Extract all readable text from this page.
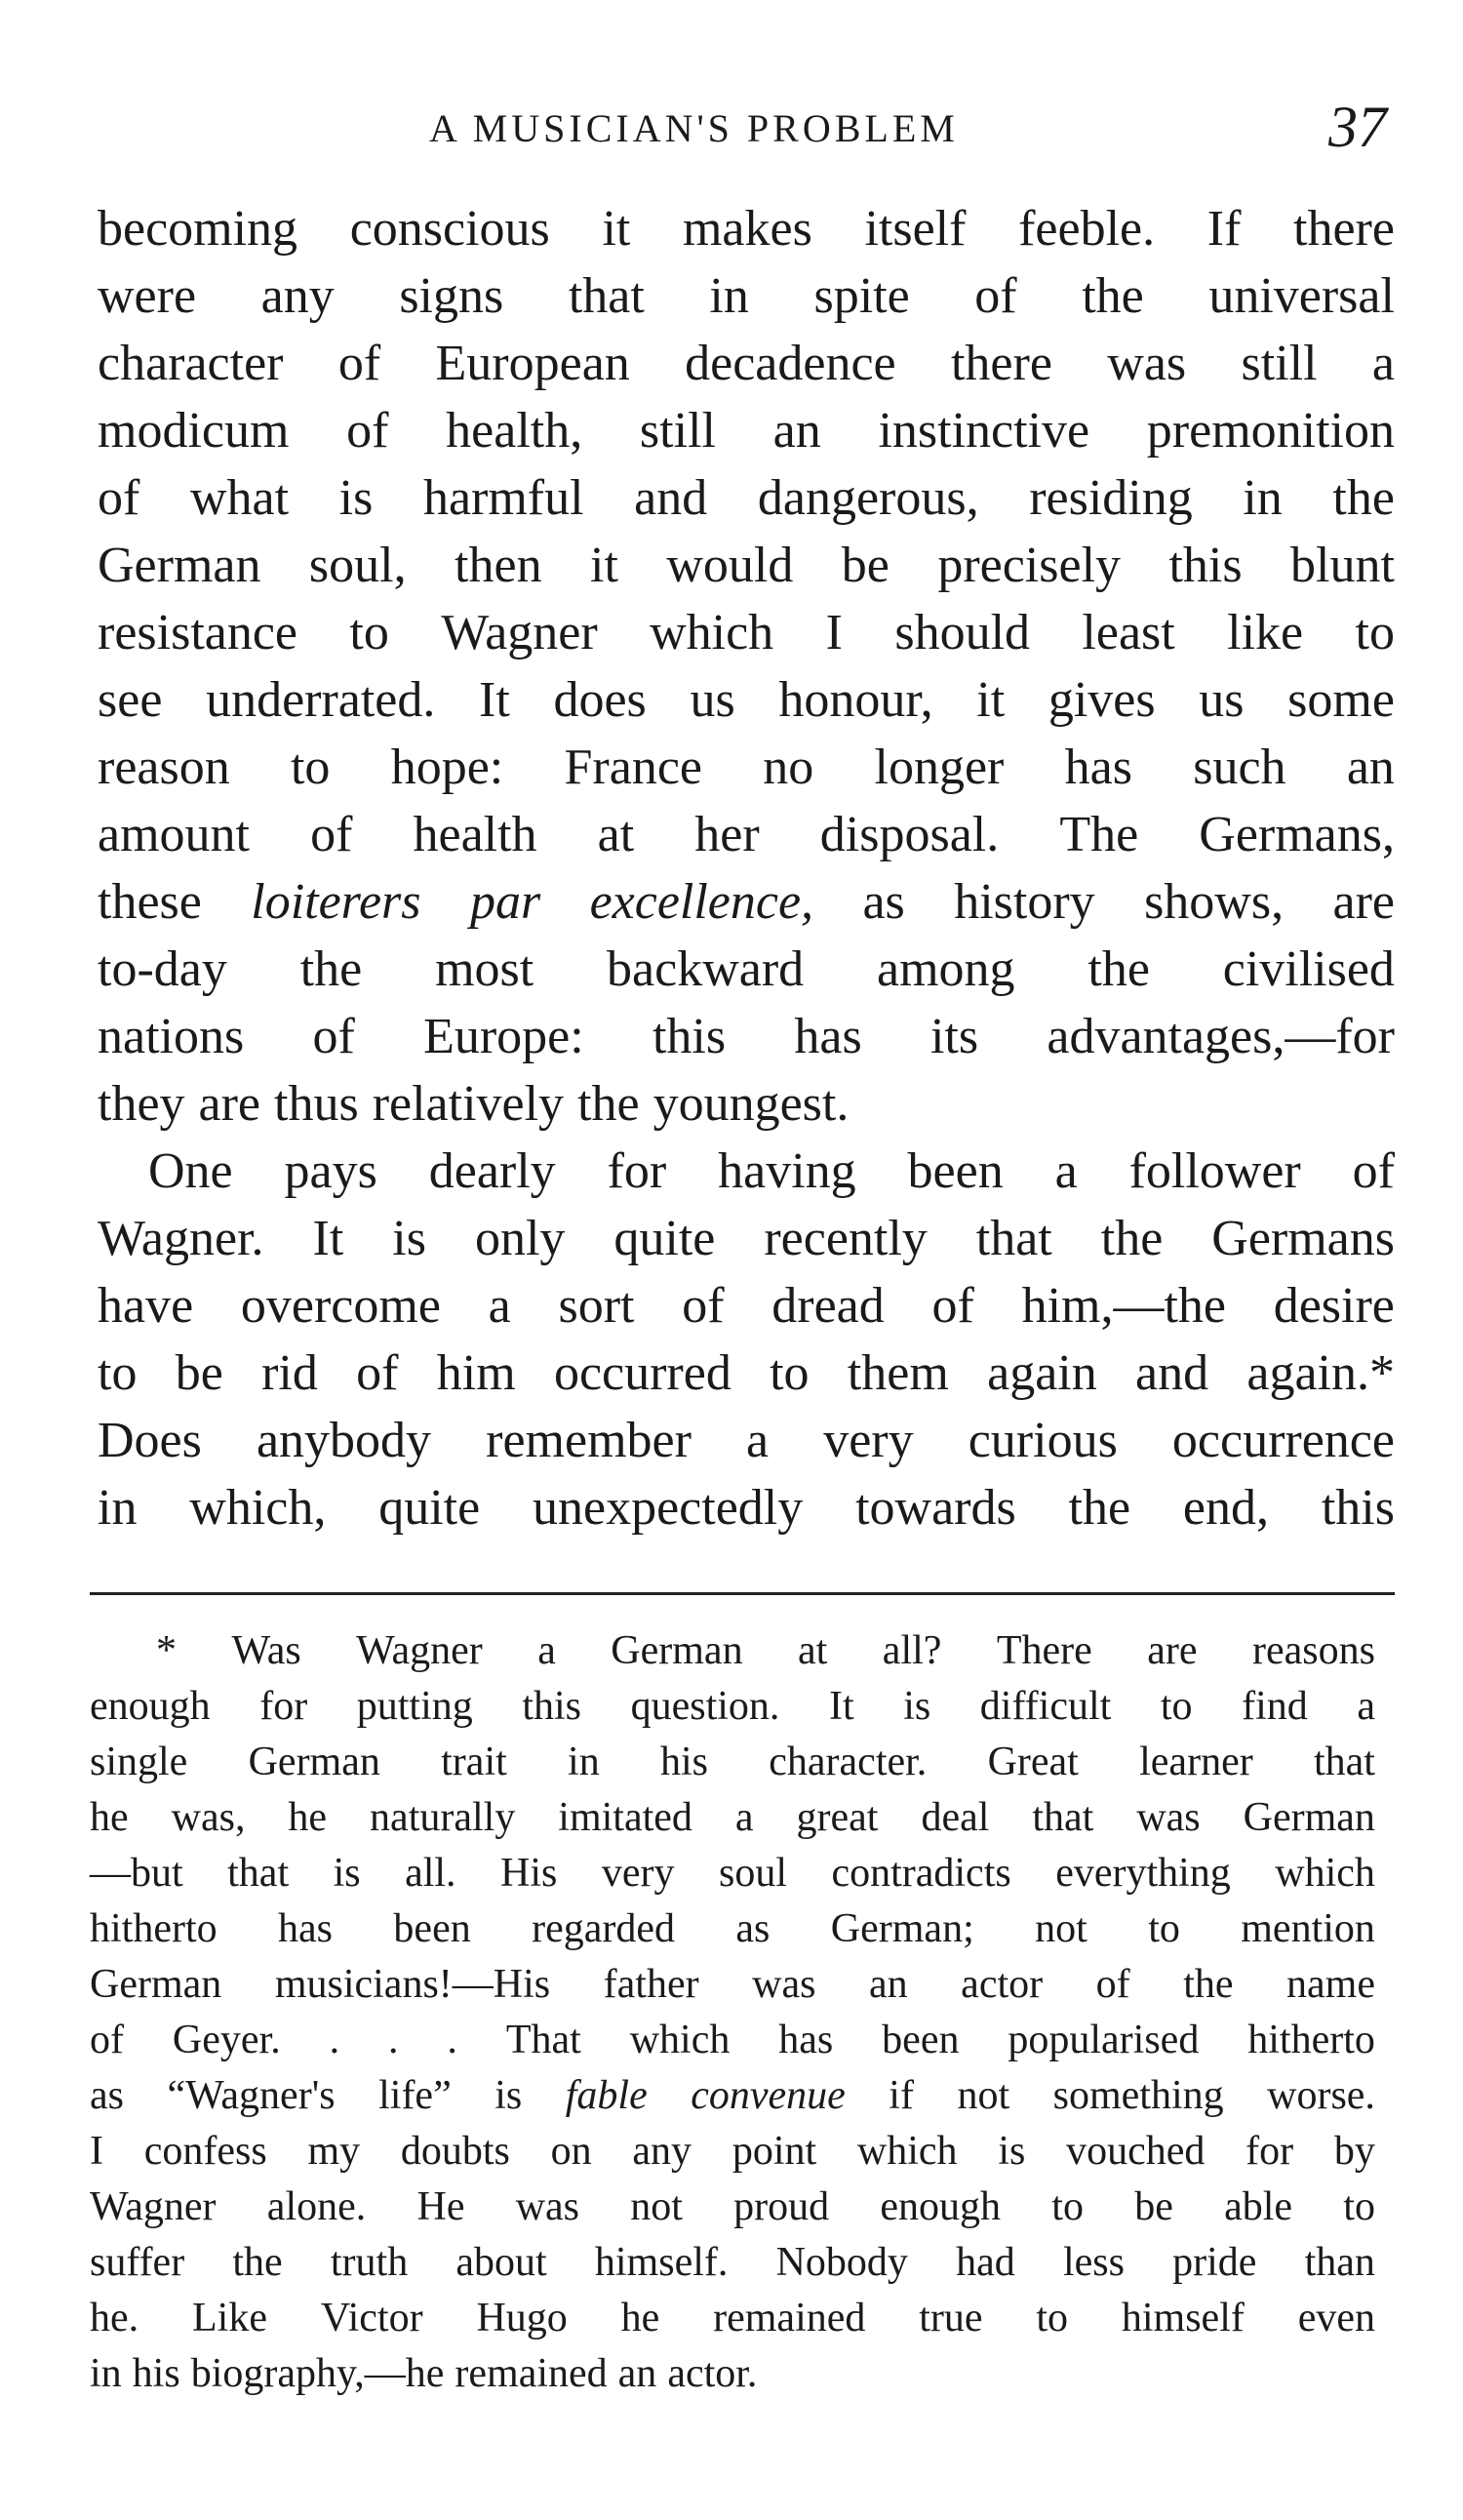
A MUSICIAN'S PROBLEM	37
becoming conscious it makes itself feeble. If there
were any signs that in spite of the universal
character of European decadence there was still a
modicum of health, still an instinctive premonition
of what is harmful and dangerous, residing in the
German soul, then it would be precisely this blunt
resistance to Wagner which I should least like to
see underrated. It does us honour, it gives us some
reason to hope: France no longer has such an
amount of health at her disposal. The Germans,
these loiterers par excellence, as history shows, are
to-day the most backward among the civilised
nations of Europe: this has its advantages,—for
they are thus relatively the youngest.
One pays dearly for having been a follower of
Wagner. It is only quite recently that the Germans
have overcome a sort of dread of him,—the desire
to be rid of him occurred to them again and again.*
Does anybody remember a very curious occurrence
in which, quite unexpectedly towards the end, this
* Was Wagner a German at all? There are reasons
enough for putting this question. It is difficult to find a
single German trait in his character. Great learner that
he was, he naturally imitated a great deal that was German
—but that is all. His very soul contradicts everything which
hitherto has been regarded as German; not to mention
German musicians!—His father was an actor of the name
of Geyer. . . . That which has been popularised hitherto
as “Wagner's life” is fable convenue if not something worse.
I confess my doubts on any point which is vouched for by
Wagner alone. He was not proud enough to be able to
suffer the truth about himself. Nobody had less pride than
he. Like Victor Hugo he remained true to himself even
in his biography,—he remained an actor.
